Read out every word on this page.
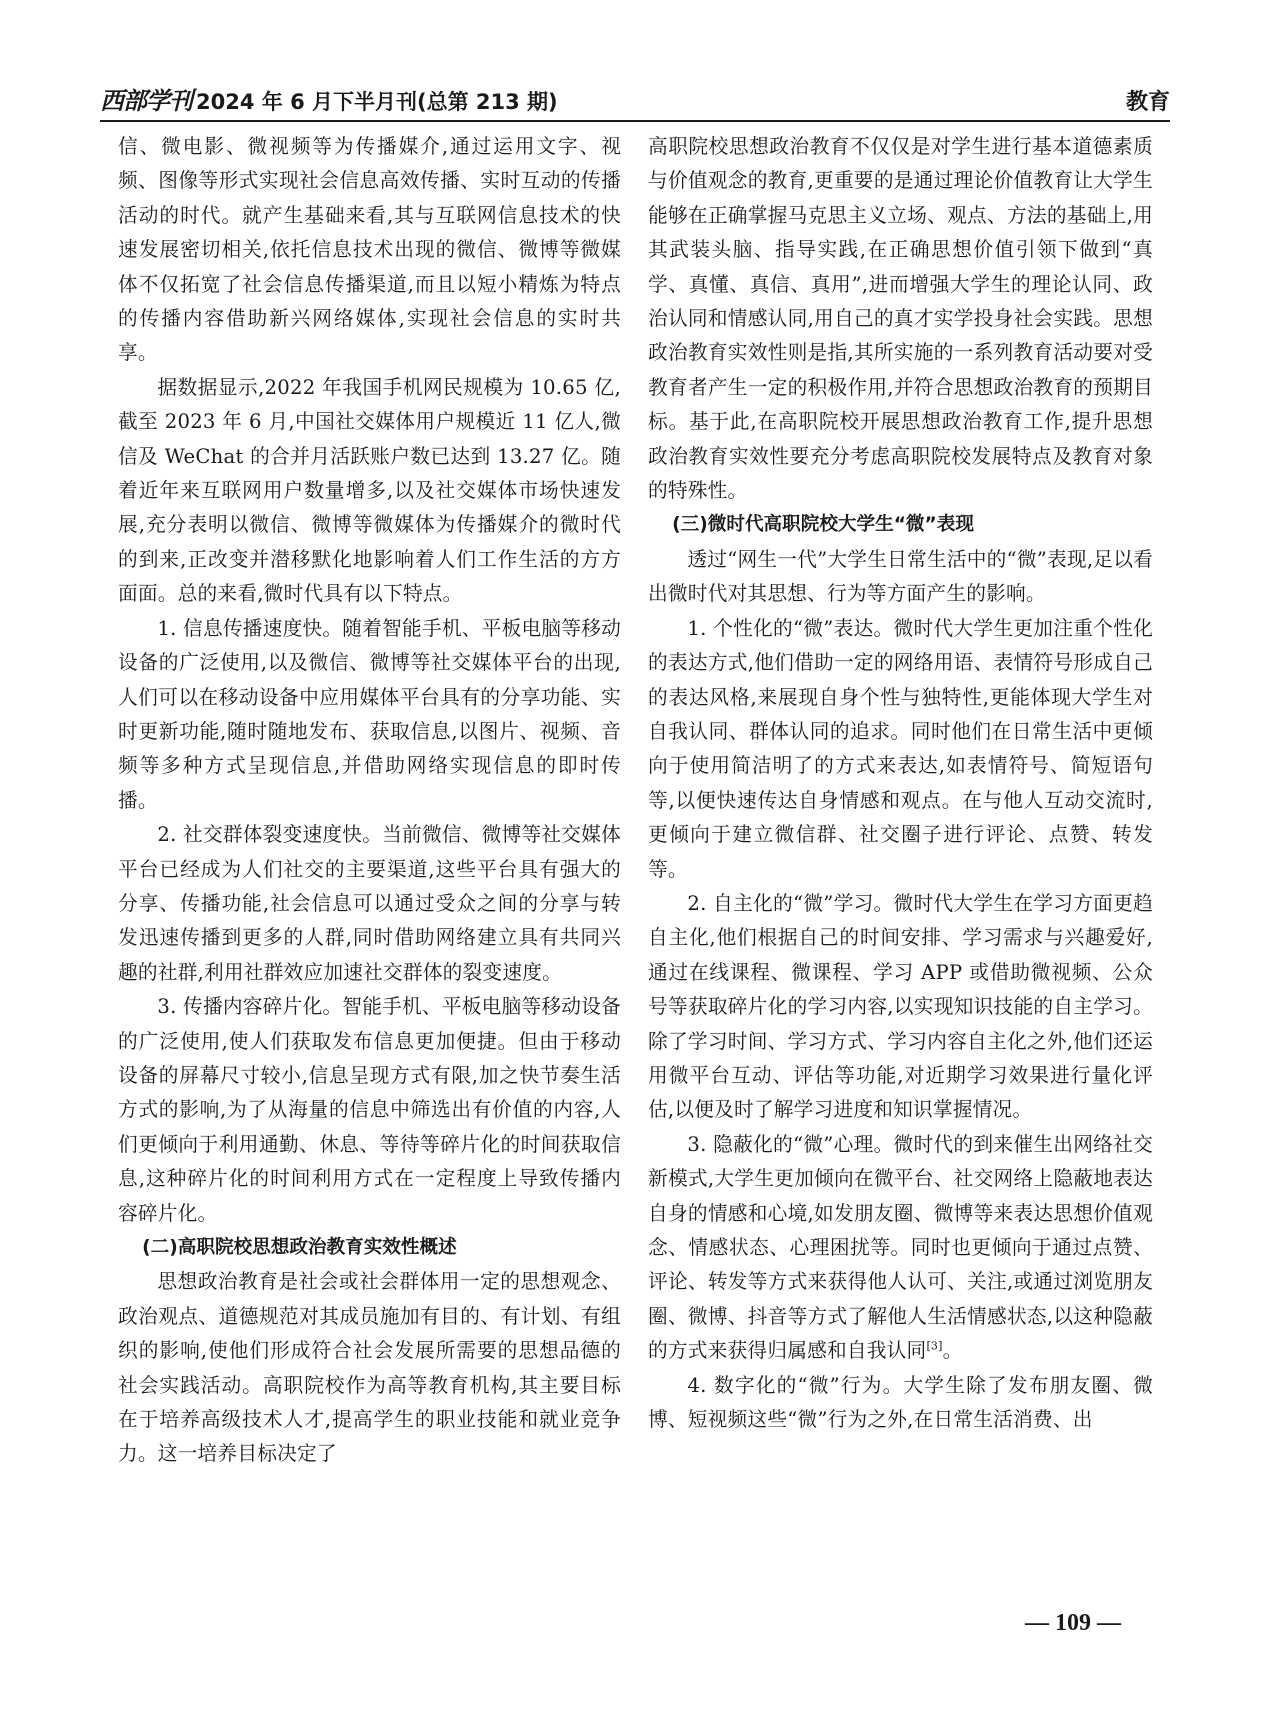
西部学刊 2024 年 6 月下半月刊(总第 213 期)	教育

信、微电影、微视频等为传播媒介,通过运用文字、视频、图像等形式实现社会信息高效传播、实时互动的传播活动的时代。就产生基础来看,其与互联网信息技术的快速发展密切相关,依托信息技术出现的微信、微博等微媒体不仅拓宽了社会信息传播渠道,而且以短小精炼为特点的传播内容借助新兴网络媒体,实现社会信息的实时共享。

据数据显示,2022 年我国手机网民规模为 10.65 亿,截至 2023 年 6 月,中国社交媒体用户规模近 11 亿人,微信及 WeChat 的合并月活跃账户数已达到 13.27 亿。随着近年来互联网用户数量增多,以及社交媒体市场快速发展,充分表明以微信、微博等微媒体为传播媒介的微时代的到来,正改变并潜移默化地影响着人们工作生活的方方面面。总的来看,微时代具有以下特点。

1. 信息传播速度快。随着智能手机、平板电脑等移动设备的广泛使用,以及微信、微博等社交媒体平台的出现,人们可以在移动设备中应用媒体平台具有的分享功能、实时更新功能,随时随地发布、获取信息,以图片、视频、音频等多种方式呈现信息,并借助网络实现信息的即时传播。

2. 社交群体裂变速度快。当前微信、微博等社交媒体平台已经成为人们社交的主要渠道,这些平台具有强大的分享、传播功能,社会信息可以通过受众之间的分享与转发迅速传播到更多的人群,同时借助网络建立具有共同兴趣的社群,利用社群效应加速社交群体的裂变速度。

3. 传播内容碎片化。智能手机、平板电脑等移动设备的广泛使用,使人们获取发布信息更加便捷。但由于移动设备的屏幕尺寸较小,信息呈现方式有限,加之快节奏生活方式的影响,为了从海量的信息中筛选出有价值的内容,人们更倾向于利用通勤、休息、等待等碎片化的时间获取信息,这种碎片化的时间利用方式在一定程度上导致传播内容碎片化。

(二)高职院校思想政治教育实效性概述

思想政治教育是社会或社会群体用一定的思想观念、政治观点、道德规范对其成员施加有目的、有计划、有组织的影响,使他们形成符合社会发展所需要的思想品德的社会实践活动。高职院校作为高等教育机构,其主要目标在于培养高级技术人才,提高学生的职业技能和就业竞争力。这一培养目标决定了

高职院校思想政治教育不仅仅是对学生进行基本道德素质与价值观念的教育,更重要的是通过理论价值教育让大学生能够在正确掌握马克思主义立场、观点、方法的基础上,用其武装头脑、指导实践,在正确思想价值引领下做到“真学、真懂、真信、真用”,进而增强大学生的理论认同、政治认同和情感认同,用自己的真才实学投身社会实践。思想政治教育实效性则是指,其所实施的一系列教育活动要对受教育者产生一定的积极作用,并符合思想政治教育的预期目标。基于此,在高职院校开展思想政治教育工作,提升思想政治教育实效性要充分考虑高职院校发展特点及教育对象的特殊性。

(三)微时代高职院校大学生“微”表现

透过“网生一代”大学生日常生活中的“微”表现,足以看出微时代对其思想、行为等方面产生的影响。

1. 个性化的“微”表达。微时代大学生更加注重个性化的表达方式,他们借助一定的网络用语、表情符号形成自己的表达风格,来展现自身个性与独特性,更能体现大学生对自我认同、群体认同的追求。同时他们在日常生活中更倾向于使用简洁明了的方式来表达,如表情符号、简短语句等,以便快速传达自身情感和观点。在与他人互动交流时,更倾向于建立微信群、社交圈子进行评论、点赞、转发等。

2. 自主化的“微”学习。微时代大学生在学习方面更趋自主化,他们根据自己的时间安排、学习需求与兴趣爱好,通过在线课程、微课程、学习 APP 或借助微视频、公众号等获取碎片化的学习内容,以实现知识技能的自主学习。除了学习时间、学习方式、学习内容自主化之外,他们还运用微平台互动、评估等功能,对近期学习效果进行量化评估,以便及时了解学习进度和知识掌握情况。

3. 隐蔽化的“微”心理。微时代的到来催生出网络社交新模式,大学生更加倾向在微平台、社交网络上隐蔽地表达自身的情感和心境,如发朋友圈、微博等来表达思想价值观念、情感状态、心理困扰等。同时也更倾向于通过点赞、评论、转发等方式来获得他人认可、关注,或通过浏览朋友圈、微博、抖音等方式了解他人生活情感状态,以这种隐蔽的方式来获得归属感和自我认同[3]。

4. 数字化的“微”行为。大学生除了发布朋友圈、微博、短视频这些“微”行为之外,在日常生活消费、出

— 109 —
